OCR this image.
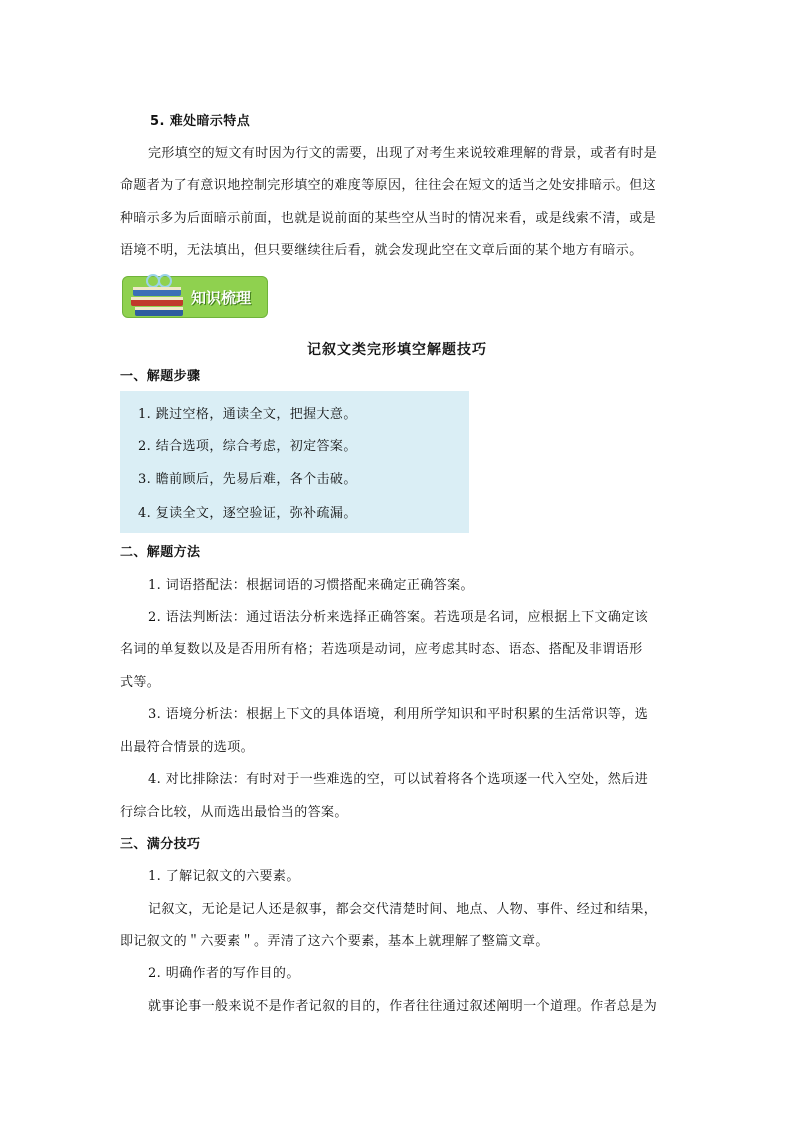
5. 难处暗示特点
完形填空的短文有时因为行文的需要，出现了对考生来说较难理解的背景，或者有时是
命题者为了有意识地控制完形填空的难度等原因，往往会在短文的适当之处安排暗示。但这
种暗示多为后面暗示前面，也就是说前面的某些空从当时的情况来看，或是线索不清，或是
语境不明，无法填出，但只要继续往后看，就会发现此空在文章后面的某个地方有暗示。
知识梳理
记叙文类完形填空解题技巧
一、解题步骤
1. 跳过空格，通读全文，把握大意。
2. 结合选项，综合考虑，初定答案。
3. 瞻前顾后，先易后难，各个击破。
4. 复读全文，逐空验证，弥补疏漏。
二、解题方法
1. 词语搭配法：根据词语的习惯搭配来确定正确答案。
2. 语法判断法：通过语法分析来选择正确答案。若选项是名词，应根据上下文确定该
名词的单复数以及是否用所有格；若选项是动词，应考虑其时态、语态、搭配及非谓语形
式等。
3. 语境分析法：根据上下文的具体语境，利用所学知识和平时积累的生活常识等，选
出最符合情景的选项。
4. 对比排除法：有时对于一些难选的空，可以试着将各个选项逐一代入空处，然后进
行综合比较，从而选出最恰当的答案。
三、满分技巧
1. 了解记叙文的六要素。
记叙文，无论是记人还是叙事，都会交代清楚时间、地点、人物、事件、经过和结果，
即记叙文的＂六要素＂。弄清了这六个要素，基本上就理解了整篇文章。
2. 明确作者的写作目的。
就事论事一般来说不是作者记叙的目的，作者往往通过叙述阐明一个道理。作者总是为
